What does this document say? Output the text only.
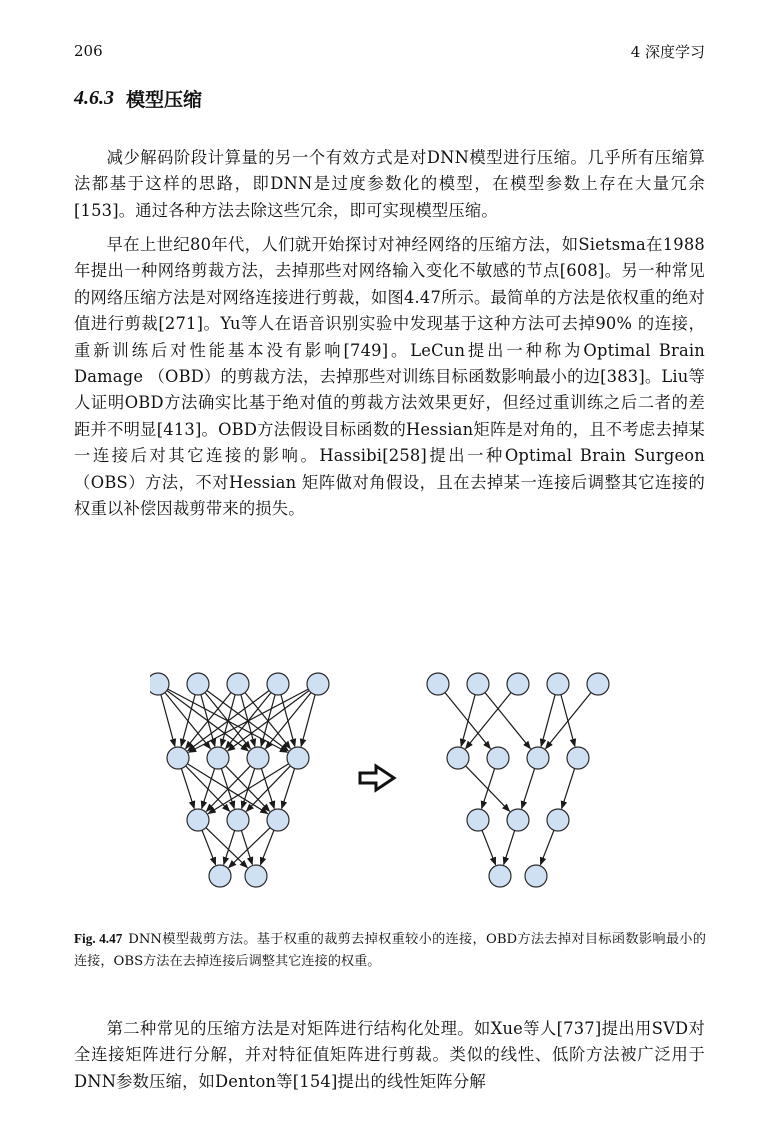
206	4 深度学习
4.6.3 模型压缩

减少解码阶段计算量的另一个有效方式是对DNN模型进行压缩。几乎所有压缩算法都基于这样的思路，即DNN是过度参数化的模型，在模型参数上存在大量冗余[153]。通过各种方法去除这些冗余，即可实现模型压缩。

早在上世纪80年代，人们就开始探讨对神经网络的压缩方法，如Sietsma在1988年提出一种网络剪裁方法，去掉那些对网络输入变化不敏感的节点[608]。另一种常见的网络压缩方法是对网络连接进行剪裁，如图4.47所示。最简单的方法是依权重的绝对值进行剪裁[271]。Yu等人在语音识别实验中发现基于这种方法可去掉90% 的连接，重新训练后对性能基本没有影响[749]。LeCun提出一种称为Optimal Brain Damage （OBD）的剪裁方法，去掉那些对训练目标函数影响最小的边[383]。Liu等人证明OBD方法确实比基于绝对值的剪裁方法效果更好，但经过重训练之后二者的差距并不明显[413]。OBD方法假设目标函数的Hessian矩阵是对角的，且不考虑去掉某一连接后对其它连接的影响。Hassibi[258]提出一种Optimal Brain Surgeon（OBS）方法，不对Hessian 矩阵做对角假设，且在去掉某一连接后调整其它连接的权重以补偿因裁剪带来的损失。

Fig. 4.47 DNN模型裁剪方法。基于权重的裁剪去掉权重较小的连接，OBD方法去掉对目标函数影响最小的连接，OBS方法在去掉连接后调整其它连接的权重。

第二种常见的压缩方法是对矩阵进行结构化处理。如Xue等人[737]提出用SVD对全连接矩阵进行分解，并对特征值矩阵进行剪裁。类似的线性、低阶方法被广泛用于DNN参数压缩，如Denton等[154]提出的线性矩阵分解
